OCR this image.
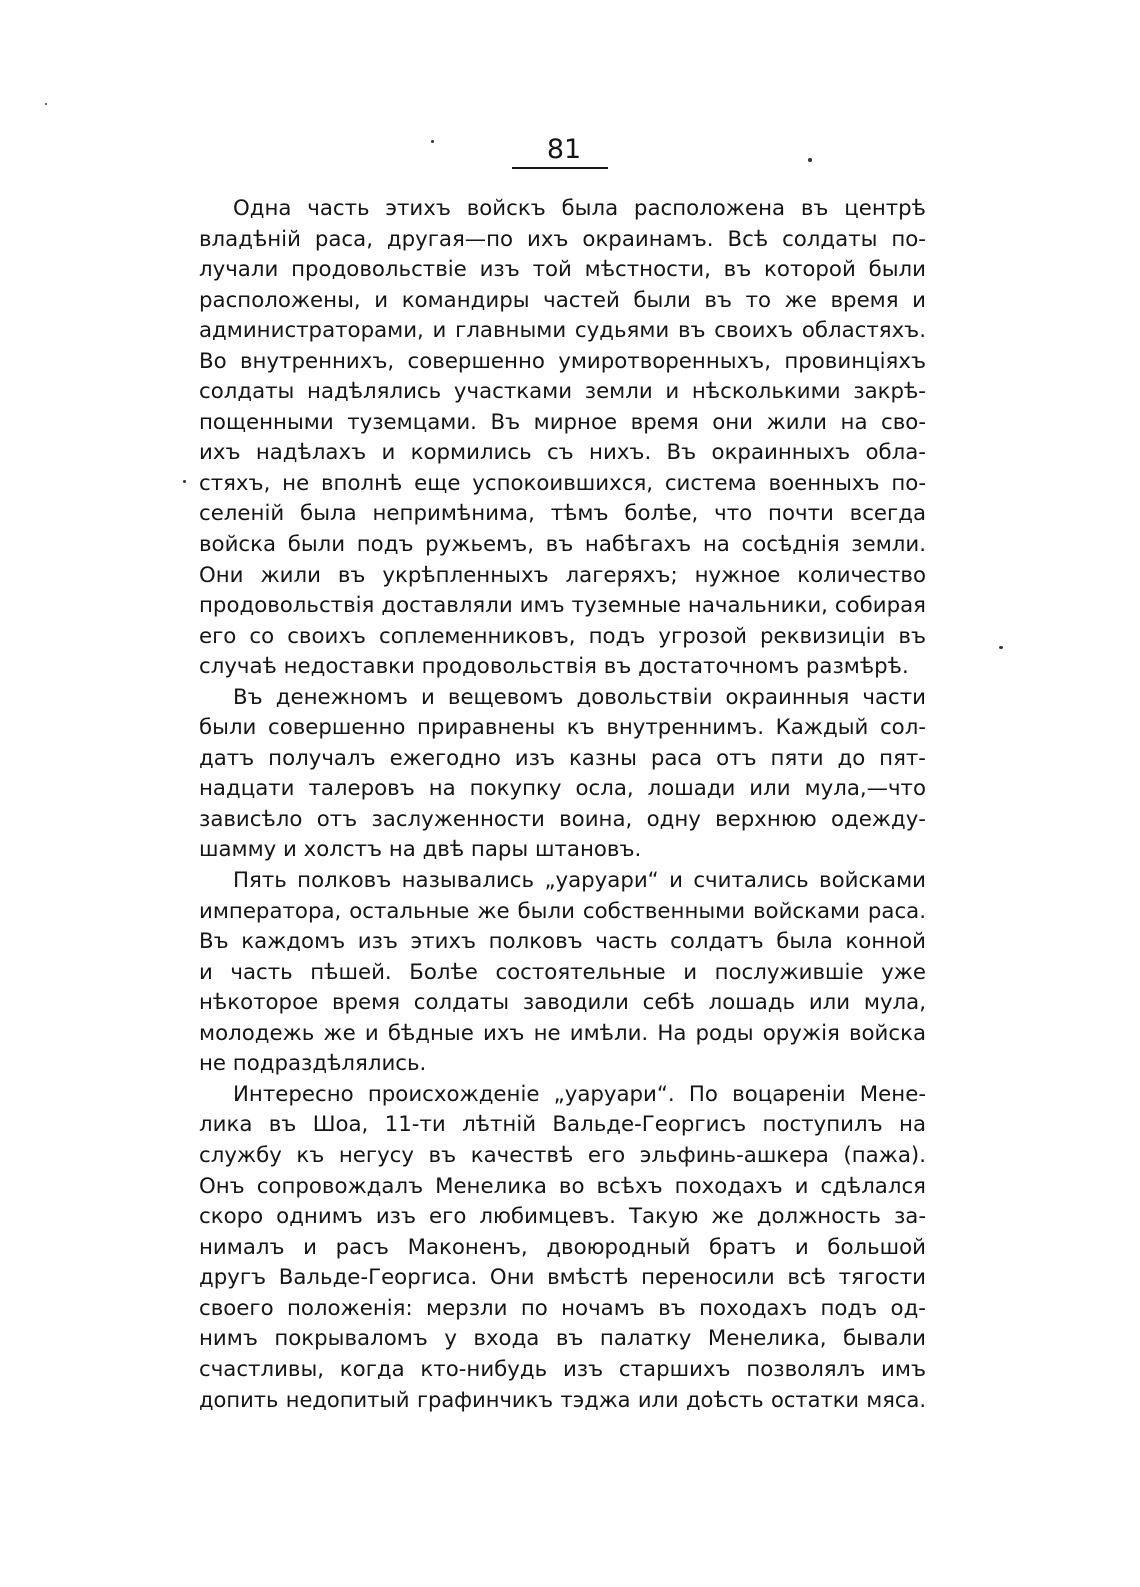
81
Одна часть этихъ войскъ была расположена въ центрѣ
владѣній раса, другая—по ихъ окраинамъ. Всѣ солдаты по-
лучали продовольствіе изъ той мѣстности, въ которой были
расположены, и командиры частей были въ то же время и
администраторами, и главными судьями въ своихъ областяхъ.
Во внутреннихъ, совершенно умиротворенныхъ, провинціяхъ
солдаты надѣлялись участками земли и нѣсколькими закрѣ-
пощенными туземцами. Въ мирное время они жили на сво-
ихъ надѣлахъ и кормились съ нихъ. Въ окраинныхъ обла-
стяхъ, не вполнѣ еще успокоившихся, система военныхъ по-
селеній была непримѣнима, тѣмъ болѣе, что почти всегда
войска были подъ ружьемъ, въ набѣгахъ на сосѣднія земли.
Они жили въ укрѣпленныхъ лагеряхъ; нужное количество
продовольствія доставляли имъ туземные начальники, собирая
его со своихъ соплеменниковъ, подъ угрозой реквизиціи въ
случаѣ недоставки продовольствія въ достаточномъ размѣрѣ.
Въ денежномъ и вещевомъ довольствіи окраинныя части
были совершенно приравнены къ внутреннимъ. Каждый сол-
датъ получалъ ежегодно изъ казны раса отъ пяти до пят-
надцати талеровъ на покупку осла, лошади или мула,—что
зависѣло отъ заслуженности воина, одну верхнюю одежду-
шамму и холстъ на двѣ пары штановъ.
Пять полковъ назывались „уаруари“ и считались войсками
императора, остальные же были собственными войсками раса.
Въ каждомъ изъ этихъ полковъ часть солдатъ была конной
и часть пѣшей. Болѣе состоятельные и послужившіе уже
нѣкоторое время солдаты заводили себѣ лошадь или мула,
молодежь же и бѣдные ихъ не имѣли. На роды оружія войска
не подраздѣлялись.
Интересно происхожденіе „уаруари“. По воцареніи Мене-
лика въ Шоа, 11-ти лѣтній Вальде-Георгисъ поступилъ на
службу къ негусу въ качествѣ его эльфинь-ашкера (пажа).
Онъ сопровождалъ Менелика во всѣхъ походахъ и сдѣлался
скоро однимъ изъ его любимцевъ. Такую же должность за-
нималъ и расъ Маконенъ, двоюродный братъ и большой
другъ Вальде-Георгиса. Они вмѣстѣ переносили всѣ тягости
своего положенія: мерзли по ночамъ въ походахъ подъ од-
нимъ покрываломъ у входа въ палатку Менелика, бывали
счастливы, когда кто-нибудь изъ старшихъ позволялъ имъ
допить недопитый графинчикъ тэджа или доѣсть остатки мяса.
